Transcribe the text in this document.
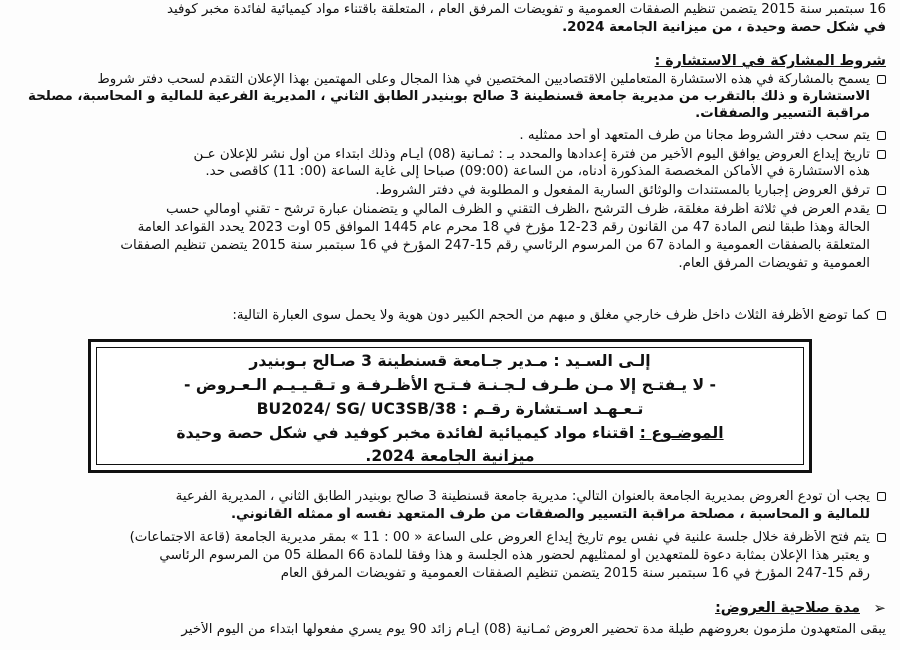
16 سبتمبر سنة 2015 يتضمن تنظيم الصفقات العمومية و تفويضات المرفق العام ، المتعلقة باقتناء مواد كيميائية لفائدة مخبر كوفيد
في شكل حصة وحيدة ، من ميزانية الجامعة 2024.
شروط المشاركة في الاستشارة :
يسمح بالمشاركة في هذه الاستشارة المتعاملين الاقتصاديين المختصين في هذا المجال وعلى المهتمين بهذا الإعلان التقدم لسحب دفتر شروط
الاستشارة و ذلك بالتقرب من مديرية جامعة قسنطينة 3 صالح بوبنيدر الطابق الثاني ، المديرية الفرعية للمالية و المحاسبة، مصلحة
مراقبة التسيير والصفقات.
يتم سحب دفتر الشروط مجانا من طرف المتعهد أو أحد ممثليه .
تاريخ إيداع العروض يوافق اليوم الأخير من فترة إعدادها والمحدد بـ : ثمـانية (08) أيـام وذلك ابتداء من أول نشر للإعلان عـن
هذه الاستشارة في الأماكن المخصصة المذكورة أدناه، من الساعة (09:00) صباحا إلى غاية الساعة (00: 11) كأقصى حد.
ترفق العروض إجباريا بالمستندات والوثائق السارية المفعول و المطلوبة في دفتر الشروط.
يقدم العرض في ثلاثة أظرفة مغلقة، ظرف الترشح ،الظرف التقني و الظرف المالي و يتضمنان عبارة ترشح - تقني أومالي حسب
الحالة وهذا طبقا لنص المادة 47 من القانون رقم 23-12 مؤرخ في 18 محرم عام 1445 الموافق 05 أوت 2023 يحدد القواعد العامة
المتعلقة بالصفقات العمومية و المادة 67 من المرسوم الرئاسي رقم 15-247 المؤرخ في 16 سبتمبر سنة 2015 يتضمن تنظيم الصفقات
العمومية و تفويضات المرفق العام.
كما توضع الأظرفة الثلاث داخل ظرف خارجي مغلق و مبهم من الحجم الكبير دون هوية ولا يحمل سوى العبارة التالية:
إلـى السـيد : مـدير جـامعة قسنطينة 3 صـالح بـوبنيدر
- لا يـفتـح إلا مـن طـرف لـجـنـة فـتـح الأظـرفـة و تـقـيـيـم الـعـروض -
تـعـهـد اسـتشارة رقـم : BU2024/ SG/ UC3SB/38
الموضـوع : اقتناء مواد كيميائية لفائدة مخبر كوفيد في شكل حصة وحيدة
ميزانية الجامعة 2024.
يجب أن تودع العروض بمديرية الجامعة بالعنوان التالي: مديرية جامعة قسنطينة 3 صالح بوبنيدر الطابق الثاني ، المديرية الفرعية
للمالية و المحاسبة ، مصلحة مراقبة التسيير والصفقات من طرف المتعهد نفسه أو ممثله القانوني.
يتم فتح الأظرفة خلال جلسة علنية في نفس يوم تاريخ إيداع العروض على الساعة « 00 : 11 » بمقر مديرية الجامعة (قاعة الاجتماعات)
و يعتبر هذا الإعلان بمثابة دعوة للمتعهدين أو لممثليهم لحضور هذه الجلسة و هذا وفقا للمادة 66 المطلة 05 من المرسوم الرئاسي
رقم 15-247 المؤرخ في 16 سبتمبر سنة 2015 يتضمن تنظيم الصفقات العمومية و تفويضات المرفق العام
➢
مدة صلاحية العروض:
يبقى المتعهدون ملزمون بعروضهم طيلة مدة تحضير العروض ثمـانية (08) أيـام زائد 90 يوم يسري مفعولها ابتداء من اليوم الأخير
